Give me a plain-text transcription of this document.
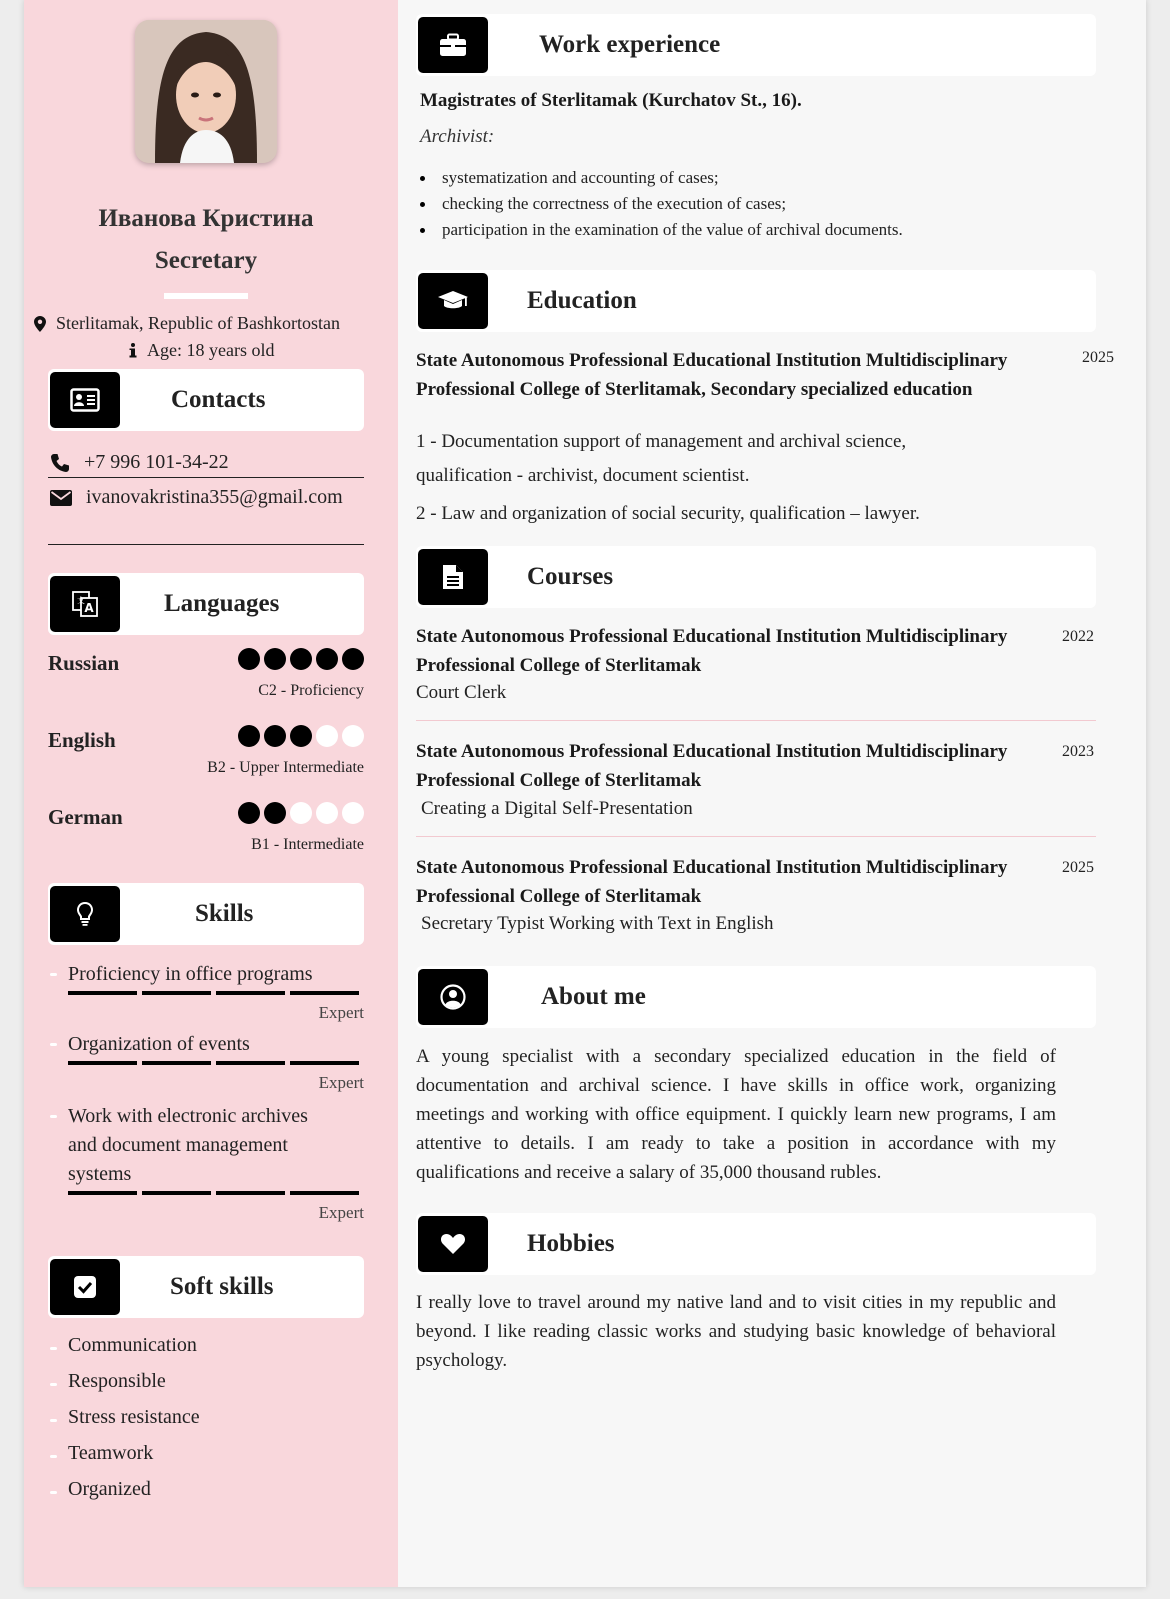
Иванова Кристина
Secretary
Sterlitamak, Republic of Bashkortostan
Age: 18 years old
Contacts
+7 996 101-34-22
ivanovakristina355@gmail.com
A
文	Languages
Russian
C2 - Proficiency
English
B2 - Upper Intermediate
German
B1 - Intermediate
Skills
Proficiency in office programs
Expert
Organization of events
Expert
Work with electronic archives and document management systems
Expert
Soft skills
Communication
Responsible
Stress resistance
Teamwork
Organized
Work experience
Magistrates of Sterlitamak (Kurchatov St., 16).
Archivist:
systematization and accounting of cases;
checking the correctness of the execution of cases;
participation in the examination of the value of archival documents.
Education
State Autonomous Professional Educational Institution Multidisciplinary Professional College of Sterlitamak, Secondary specialized education
2025
1 - Documentation support of management and archival science,
qualification - archivist, document scientist.
2 - Law and organization of social security, qualification – lawyer.
Courses
State Autonomous Professional Educational Institution Multidisciplinary Professional College of Sterlitamak
2022
Court Clerk
State Autonomous Professional Educational Institution Multidisciplinary Professional College of Sterlitamak
2023
Creating a Digital Self-Presentation
State Autonomous Professional Educational Institution Multidisciplinary Professional College of Sterlitamak
2025
Secretary Typist Working with Text in English
About me
A young specialist with a secondary specialized education in the field of documentation and archival science. I have skills in office work, organizing meetings and working with office equipment. I quickly learn new programs, I am attentive to details. I am ready to take a position in accordance with my qualifications and receive a salary of 35,000 thousand rubles.
Hobbies
I really love to travel around my native land and to visit cities in my republic and beyond. I like reading classic works and studying basic knowledge of behavioral psychology.
